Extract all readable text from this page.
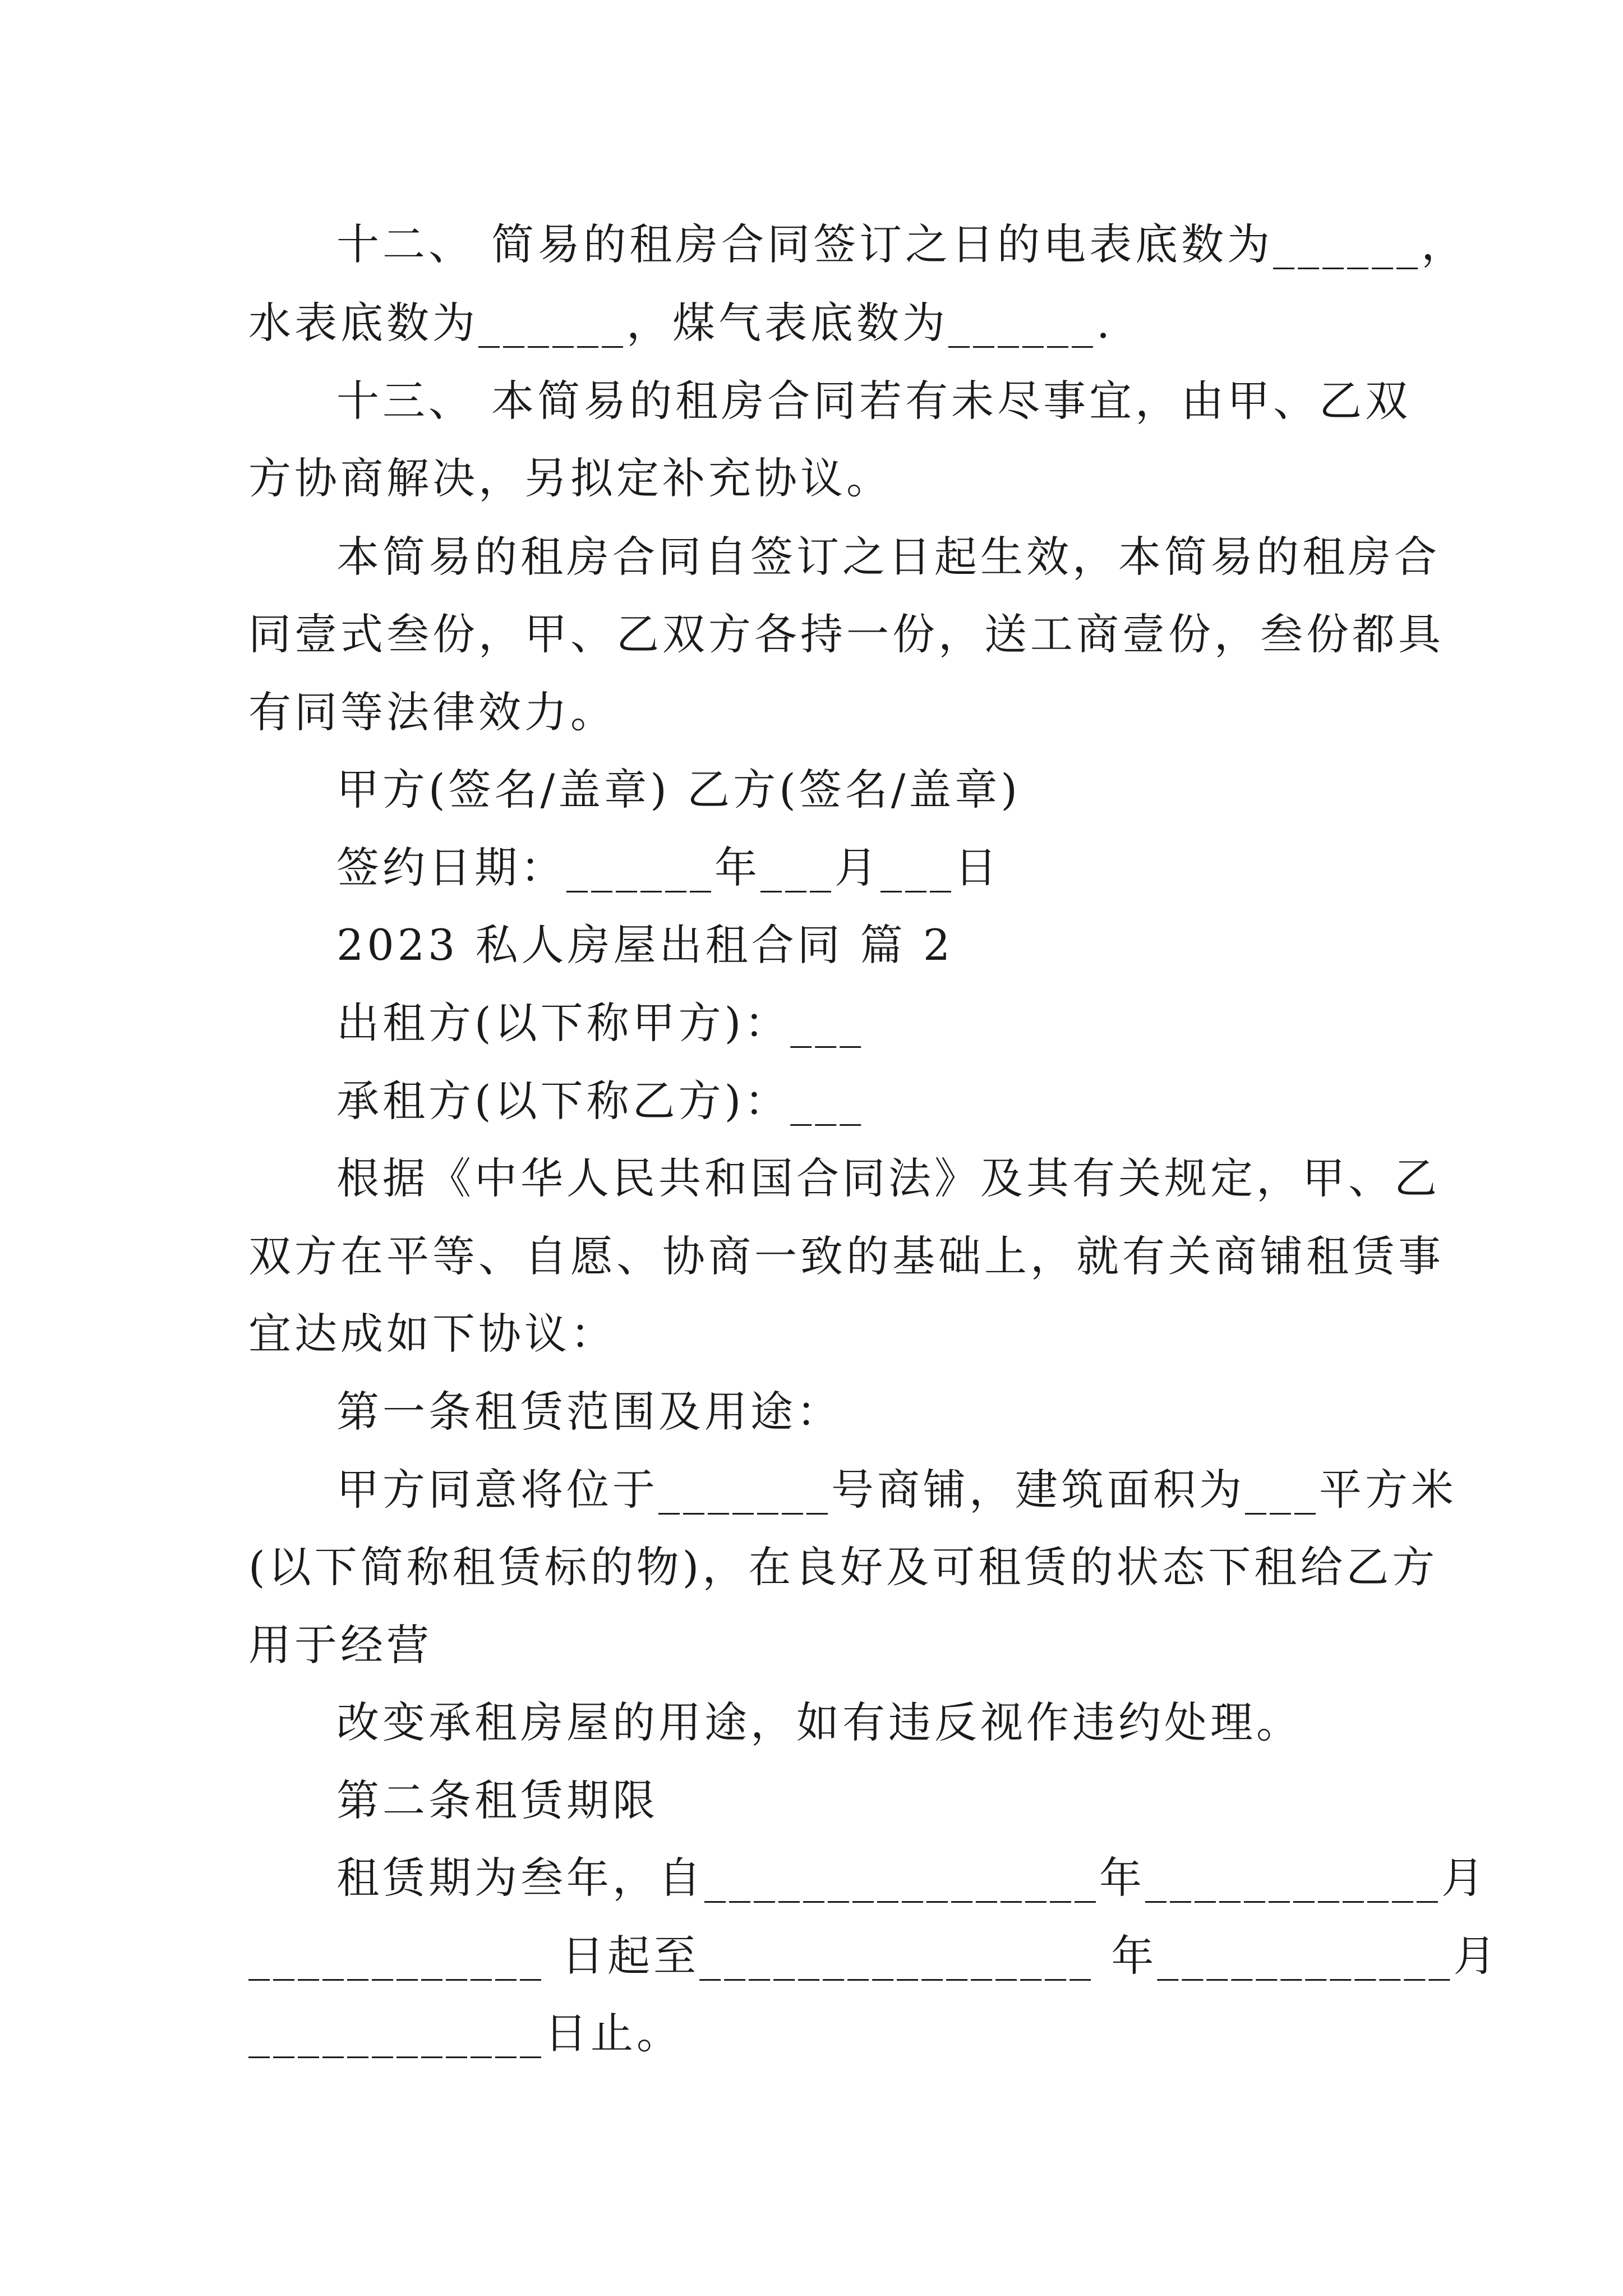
十二、 简易的租房合同签订之日的电表底数为______，
水表底数为______，煤气表底数为______.
十三、 本简易的租房合同若有未尽事宜，由甲、乙双
方协商解决，另拟定补充协议。
本简易的租房合同自签订之日起生效，本简易的租房合
同壹式叁份，甲、乙双方各持一份，送工商壹份，叁份都具
有同等法律效力。
甲方(签名/盖章) 乙方(签名/盖章)
签约日期：______年___月___日
2023 私人房屋出租合同 篇 2
出租方(以下称甲方)：___
承租方(以下称乙方)：___
根据《中华人民共和国合同法》及其有关规定，甲、乙
双方在平等、自愿、协商一致的基础上，就有关商铺租赁事
宜达成如下协议：
第一条租赁范围及用途：
甲方同意将位于_______号商铺，建筑面积为___平方米
(以下简称租赁标的物)，在良好及可租赁的状态下租给乙方
用于经营
改变承租房屋的用途，如有违反视作违约处理。
第二条租赁期限
租赁期为叁年，自________________年____________月
____________ 日起至________________ 年____________月
____________日止。
